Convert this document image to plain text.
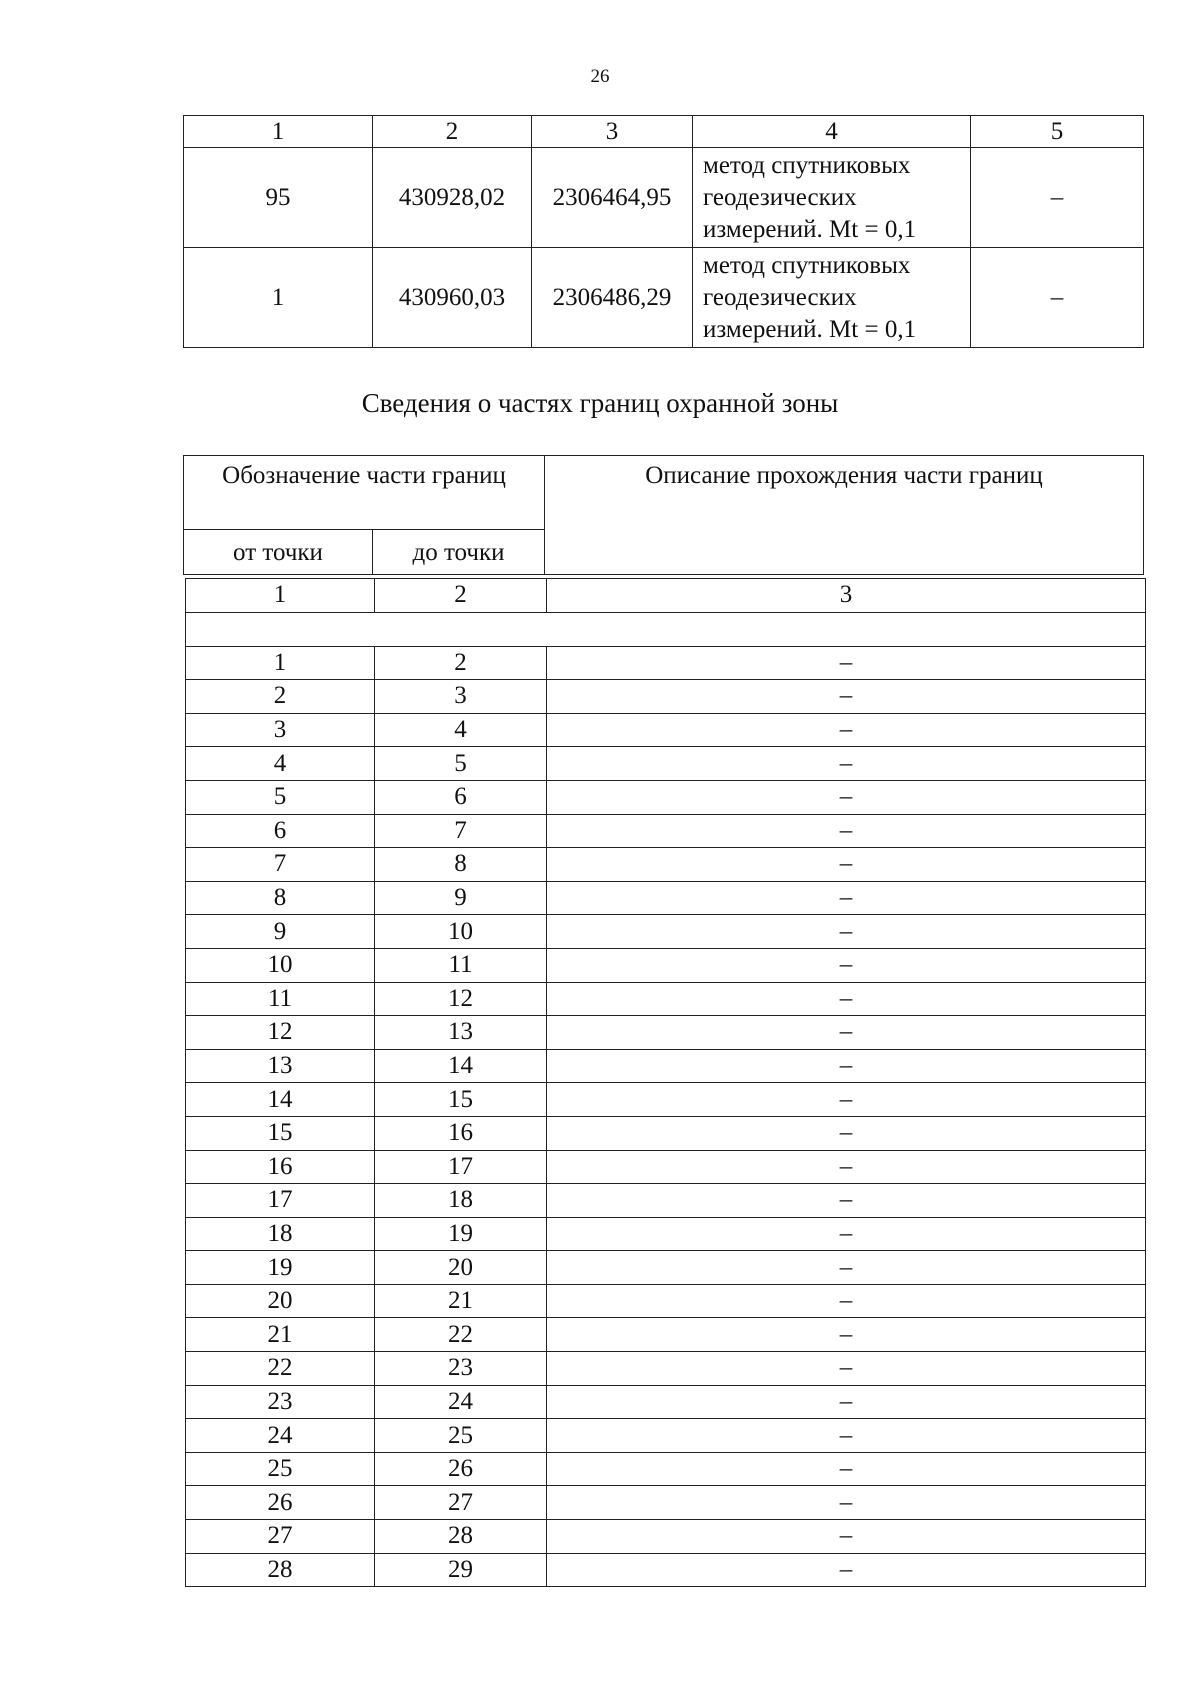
26
1	2	3	4	5
95	430928,02	2306464,95	метод спутниковых
геодезических
измерений. Mt = 0,1	–
1	430960,03	2306486,29	метод спутниковых
геодезических
измерений. Mt = 0,1	–
Сведения о частях границ охранной зоны
Обозначение части границ		Описание прохождения части границ
от точки	до точки	
1	2	3

1	2	–
2	3	–
3	4	–
4	5	–
5	6	–
6	7	–
7	8	–
8	9	–
9	10	–
10	11	–
11	12	–
12	13	–
13	14	–
14	15	–
15	16	–
16	17	–
17	18	–
18	19	–
19	20	–
20	21	–
21	22	–
22	23	–
23	24	–
24	25	–
25	26	–
26	27	–
27	28	–
28	29	–
